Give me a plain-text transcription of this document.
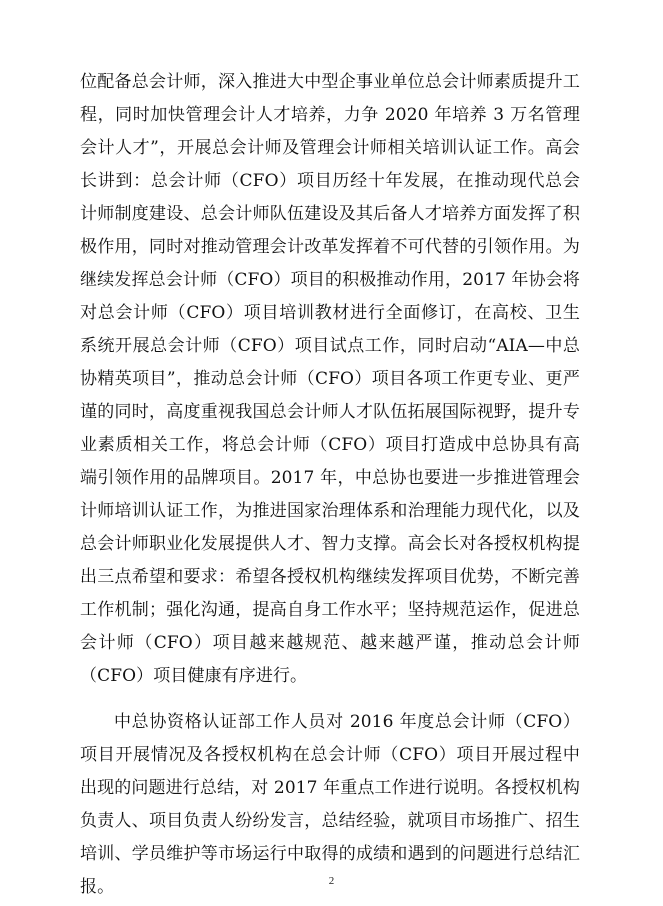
位配备总会计师，深入推进大中型企事业单位总会计师素质提升工程，同时加快管理会计人才培养，力争 2020 年培养 3 万名管理会计人才”，开展总会计师及管理会计师相关培训认证工作。高会长讲到：总会计师（CFO）项目历经十年发展，在推动现代总会计师制度建设、总会计师队伍建设及其后备人才培养方面发挥了积极作用，同时对推动管理会计改革发挥着不可代替的引领作用。为继续发挥总会计师（CFO）项目的积极推动作用，2017 年协会将对总会计师（CFO）项目培训教材进行全面修订，在高校、卫生系统开展总会计师（CFO）项目试点工作，同时启动“AIA—中总协精英项目”，推动总会计师（CFO）项目各项工作更专业、更严谨的同时，高度重视我国总会计师人才队伍拓展国际视野，提升专业素质相关工作，将总会计师（CFO）项目打造成中总协具有高端引领作用的品牌项目。2017 年，中总协也要进一步推进管理会计师培训认证工作，为推进国家治理体系和治理能力现代化，以及总会计师职业化发展提供人才、智力支撑。高会长对各授权机构提出三点希望和要求：希望各授权机构继续发挥项目优势，不断完善工作机制；强化沟通，提高自身工作水平；坚持规范运作，促进总会计师（CFO）项目越来越规范、越来越严谨，推动总会计师（CFO）项目健康有序进行。

中总协资格认证部工作人员对 2016 年度总会计师（CFO）项目开展情况及各授权机构在总会计师（CFO）项目开展过程中出现的问题进行总结，对 2017 年重点工作进行说明。各授权机构负责人、项目负责人纷纷发言，总结经验，就项目市场推广、招生培训、学员维护等市场运行中取得的成绩和遇到的问题进行总结汇报。	2
